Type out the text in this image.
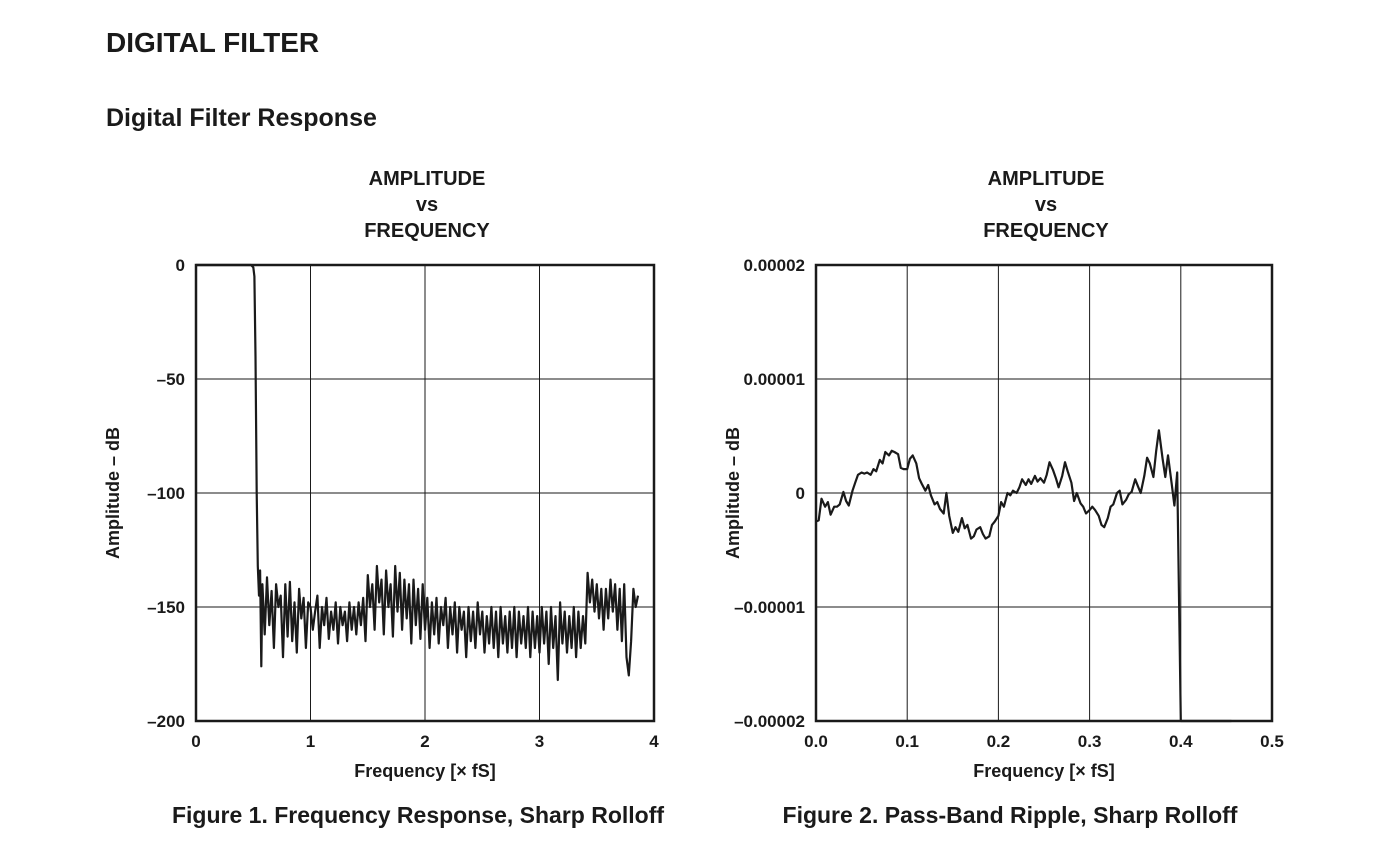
DIGITAL FILTER
Digital Filter Response
AMPLITUDE
vs
FREQUENCY
AMPLITUDE
vs
FREQUENCY
0	1	2	3	4
0
–50
–100
–150
–200
Frequency [× fS]
Amplitude – dB
0.0	0.1	0.2	0.3	0.4	0.5
0.00002
0.00001
0
–0.00001
–0.00002
Frequency [× fS]
Amplitude – dB
Figure 1. Frequency Response, Sharp Rolloff	Figure 2. Pass-Band Ripple, Sharp Rolloff
